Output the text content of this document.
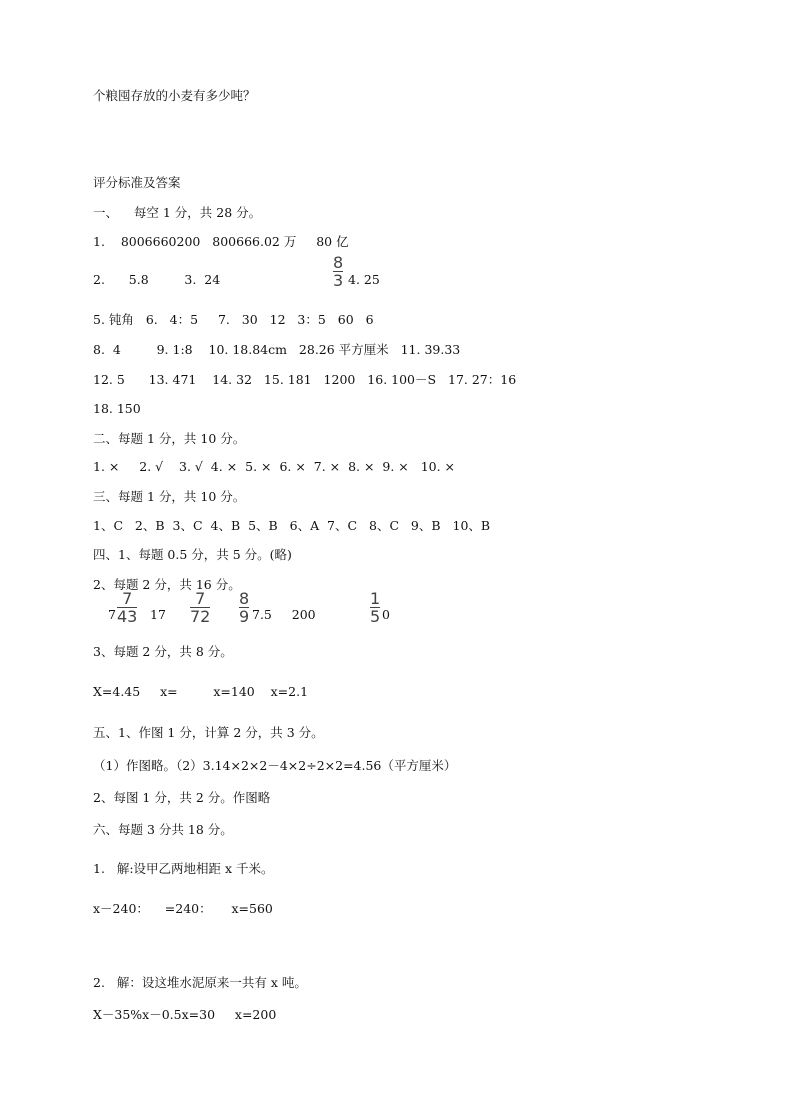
个粮囤存放的小麦有多少吨？
评分标准及答案
一、    每空 1 分，共 28 分。
1.    8006660200   800666.02 万     80 亿
2.      5.8         3.  24
8
3 4. 25
5. 钝角   6.   4：5     7.   30   12   3：5   60   6
8.  4         9. 1:8    10. 18.84cm   28.26 平方厘米   11. 39.33
12. 5      13. 471    14. 32   15. 181   1200   16. 100－S   17. 27：16
18. 150
二、每题 1 分，共 10 分。
1. ×     2. √    3. √  4. ×  5. ×  6. ×  7. ×  8. ×  9. ×   10. ×
三、每题 1 分，共 10 分。
1、C   2、B  3、C  4、B  5、B   6、A  7、C   8、C   9、B   10、B
四、1、每题 0.5 分，共 5 分。(略)
2、每题 2 分，共 16 分。
7
7
43 17
7
72
8
9 7.5     200
1
5 0
3、每题 2 分，共 8 分。
X=4.45     x=         x=140    x=2.1
五、1、作图 1 分，计算 2 分，共 3 分。
（1）作图略。（2）3.14×2×2－4×2÷2×2=4.56（平方厘米）
2、每图 1 分，共 2 分。作图略
六、每题 3 分共 18 分。
1.   解:设甲乙两地相距 x 千米。
x－240：    =240：     x=560
2.   解：设这堆水泥原来一共有 x 吨。
X－35%x－0.5x=30     x=200
